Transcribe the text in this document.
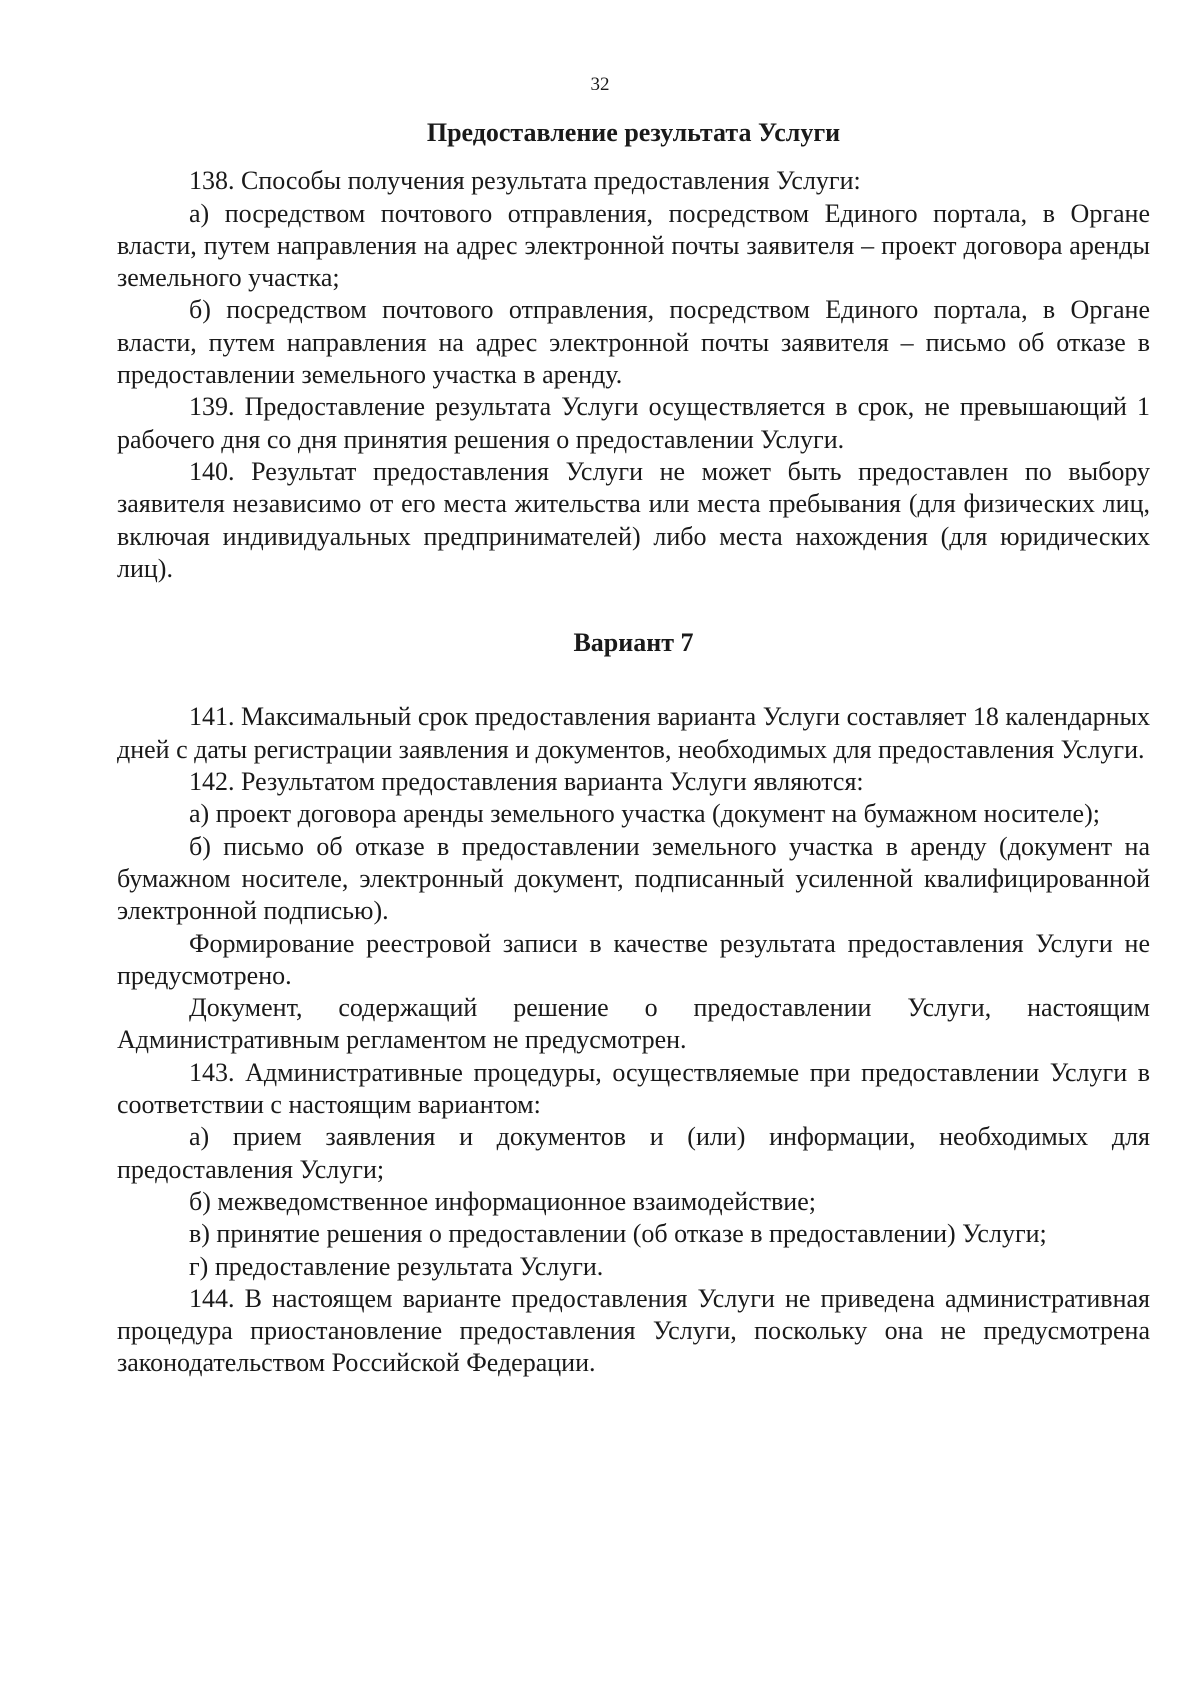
32
Предоставление результата Услуги

138. Способы получения результата предоставления Услуги:

а) посредством почтового отправления, посредством Единого портала, в Органе власти, путем направления на адрес электронной почты заявителя – проект договора аренды земельного участка;

б) посредством почтового отправления, посредством Единого портала, в Органе власти, путем направления на адрес электронной почты заявителя – письмо об отказе в предоставлении земельного участка в аренду.

139. Предоставление результата Услуги осуществляется в срок, не превышающий 1 рабочего дня со дня принятия решения о предоставлении Услуги.

140. Результат предоставления Услуги не может быть предоставлен по выбору заявителя независимо от его места жительства или места пребывания (для физических лиц, включая индивидуальных предпринимателей) либо места нахождения (для юридических лиц).

Вариант 7

141. Максимальный срок предоставления варианта Услуги составляет 18 календарных дней с даты регистрации заявления и документов, необходимых для предоставления Услуги.

142. Результатом предоставления варианта Услуги являются:

а) проект договора аренды земельного участка (документ на бумажном носителе);

б) письмо об отказе в предоставлении земельного участка в аренду (документ на бумажном носителе, электронный документ, подписанный усиленной квалифицированной электронной подписью).

Формирование реестровой записи в качестве результата предоставления Услуги не предусмотрено.

Документ, содержащий решение о предоставлении Услуги, настоящим Административным регламентом не предусмотрен.

143. Административные процедуры, осуществляемые при предоставлении Услуги в соответствии с настоящим вариантом:

а) прием заявления и документов и (или) информации, необходимых для предоставления Услуги;

б) межведомственное информационное взаимодействие;

в) принятие решения о предоставлении (об отказе в предоставлении) Услуги;

г) предоставление результата Услуги.

144. В настоящем варианте предоставления Услуги не приведена административная процедура приостановление предоставления Услуги, поскольку она не предусмотрена законодательством Российской Федерации.
